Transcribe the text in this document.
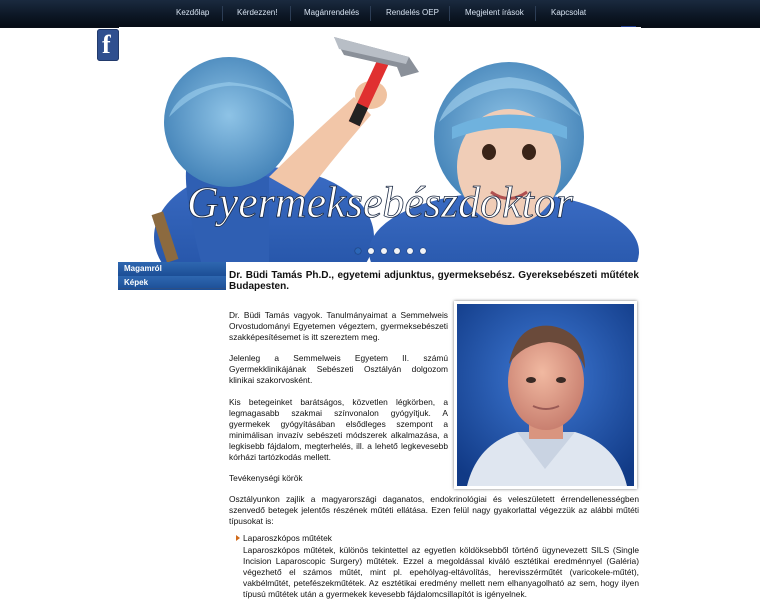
Kezdőlap	Kérdezzen!	Magánrendelés	Rendelés OEP	Megjelent írások	Kapcsolat
f
Gyermeksebészdoktor
Magamról
Képek
Dr. Büdi Tamás Ph.D., egyetemi adjunktus, gyermeksebész. Gyereksebészeti műtétek Budapesten.

Dr. Büdi Tamás vagyok. Tanulmányaimat a Semmelweis Orvostudományi Egyetemen végeztem, gyermeksebészeti szakképesítésemet is itt szereztem meg.

Jelenleg a Semmelweis Egyetem II. számú Gyermekklinikájának Sebészeti Osztályán dolgozom klinikai szakorvosként.

Kis betegeinket barátságos, közvetlen légkörben, a legmagasabb szakmai színvonalon gyógyítjuk. A gyermekek gyógyításában elsődleges szempont a minimálisan invazív sebészeti módszerek alkalmazása, a legkisebb fájdalom, megterhelés, ill. a lehető legkevesebb kórházi tartózkodás mellett.

Tevékenységi körök

Osztályunkon zajlik a magyarországi daganatos, endokrinológiai és veleszületett érrendellenességben szenvedő betegek jelentős részének műtéti ellátása. Ezen felül nagy gyakorlattal végezzük az alábbi műtéti típusokat is:

Laparoszkópos műtétek

Laparoszkópos műtétek, különös tekintettel az egyetlen köldöksebből történő ügynevezett SILS (Single Incision Laparoscopic Surgery) műtétek. Ezzel a megoldással kiváló esztétikai eredménnyel (Galéria) végezhető el számos műtét, mint pl. epehólyag-eltávolítás, herevisszérműtét (varicokele-műtét), vakbélműtét, petefészekműtétek. Az esztétikai eredmény mellett nem elhanyagolható az sem, hogy ilyen típusú műtétek után a gyermekek kevesebb fájdalomcsillapítót is igényelnek.
